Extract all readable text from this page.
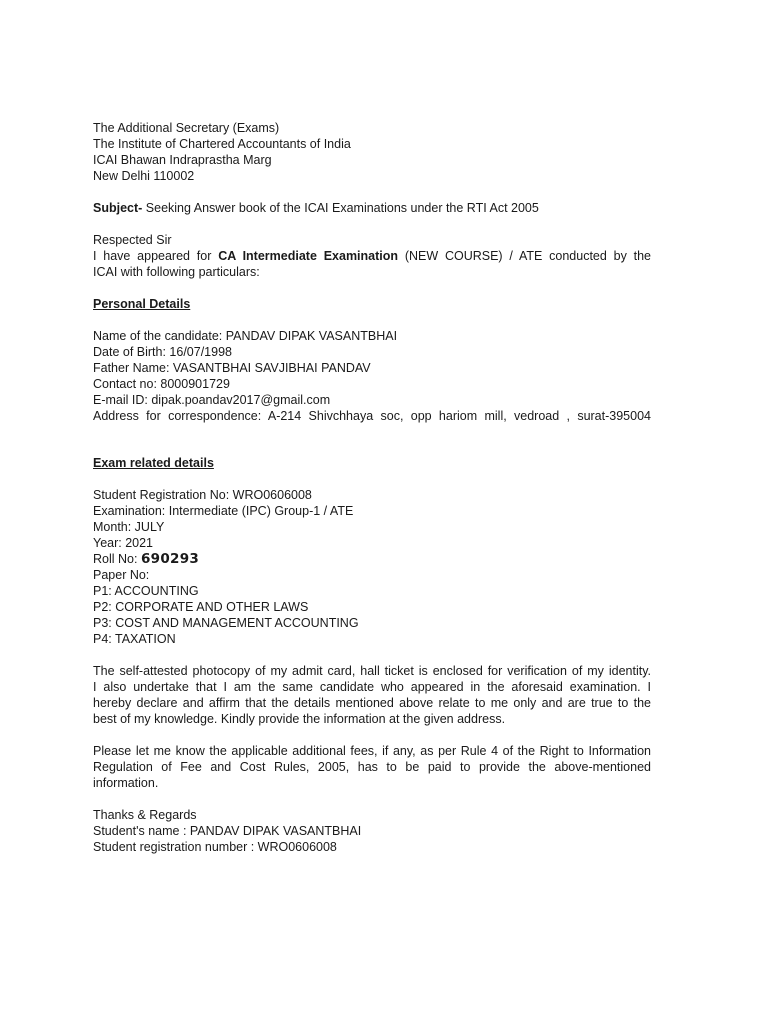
The Additional Secretary (Exams)
The Institute of Chartered Accountants of India
ICAI Bhawan Indraprastha Marg
New Delhi 110002
Subject- Seeking Answer book of the ICAI Examinations under the RTI Act 2005
Respected Sir
I have appeared for CA Intermediate Examination (NEW COURSE) / ATE conducted by the
ICAI with following particulars:
Personal Details
Name of the candidate: PANDAV DIPAK VASANTBHAI
Date of Birth: 16/07/1998
Father Name: VASANTBHAI SAVJIBHAI PANDAV
Contact no: 8000901729
E-mail ID: dipak.poandav2017@gmail.com
Address for correspondence: A-214 Shivchhaya soc, opp hariom mill, vedroad , surat-395004
Exam related details
Student Registration No: WRO0606008
Examination: Intermediate (IPC) Group-1 / ATE
Month: JULY
Year: 2021
Roll No: 690293
Paper No:
P1: ACCOUNTING
P2: CORPORATE AND OTHER LAWS
P3: COST AND MANAGEMENT ACCOUNTING
P4: TAXATION
The self-attested photocopy of my admit card, hall ticket is enclosed for verification of my identity.
I also undertake that I am the same candidate who appeared in the aforesaid examination. I
hereby declare and affirm that the details mentioned above relate to me only and are true to the
best of my knowledge. Kindly provide the information at the given address.
Please let me know the applicable additional fees, if any, as per Rule 4 of the Right to Information
Regulation of Fee and Cost Rules, 2005, has to be paid to provide the above-mentioned
information.
Thanks & Regards
Student's name : PANDAV DIPAK VASANTBHAI
Student registration number : WRO0606008
